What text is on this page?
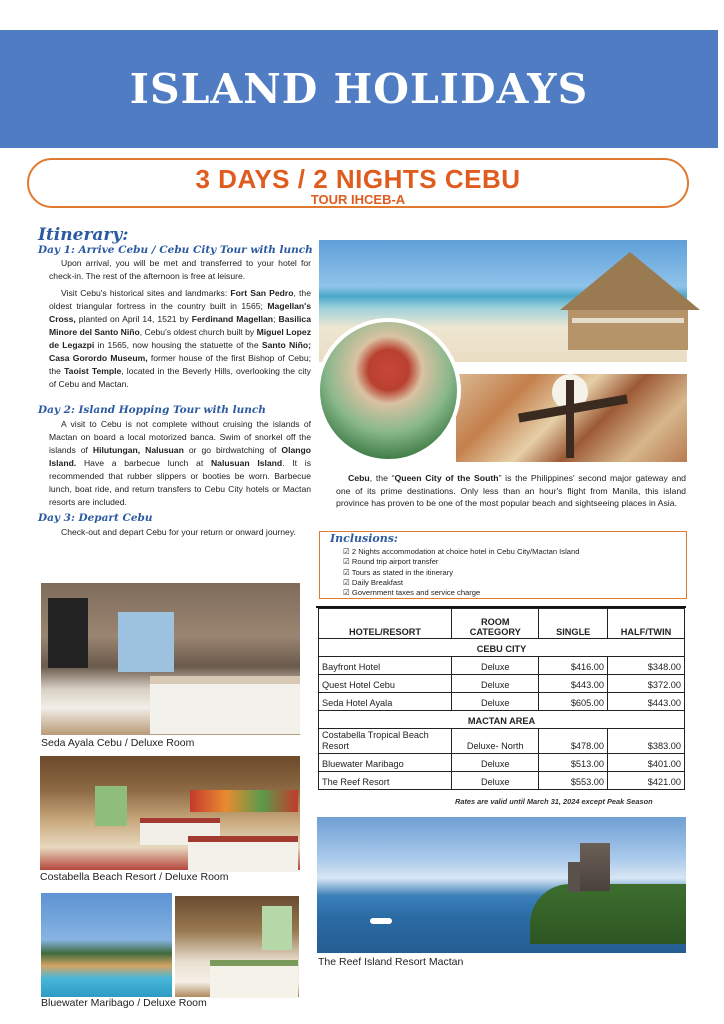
ISLAND HOLIDAYS
3 DAYS / 2 NIGHTS CEBU
TOUR IHCEB-A
Itinerary:
Day 1: Arrive Cebu / Cebu City Tour with lunch
Upon arrival, you will be met and transferred to your hotel for check-in. The rest of the afternoon is free at leisure.
Visit Cebu's historical sites and landmarks: Fort San Pedro, the oldest triangular fortress in the country built in 1565; Magellan's Cross, planted on April 14, 1521 by Ferdinand Magellan; Basilica Minore del Santo Niño, Cebu's oldest church built by Miguel Lopez de Legazpi in 1565, now housing the statuette of the Santo Niño; Casa Gorordo Museum, former house of the first Bishop of Cebu; the Taoist Temple, located in the Beverly Hills, overlooking the city of Cebu and Mactan.
Day 2: Island Hopping Tour with lunch
A visit to Cebu is not complete without cruising the islands of Mactan on board a local motorized banca. Swim of snorkel off the islands of Hilutungan, Nalusuan or go birdwatching of Olango Island. Have a barbecue lunch at Nalusuan Island. It is recommended that rubber slippers or booties be worn. Barbecue lunch, boat ride, and return transfers to Cebu City hotels or Mactan resorts are included.
Day 3: Depart Cebu
Check-out and depart Cebu for your return or onward journey.

Cebu, the “Queen City of the South” is the Philippines' second major gateway and one of its prime destinations. Only less than an hour's flight from Manila, this island province has proven to be one of the most popular beach and sightseeing places in Asia.

Inclusions:
☑ 2 Nights accommodation at choice hotel in Cebu City/Mactan Island
☑ Round trip airport transfer
☑ Tours as stated in the itinerary
☑ Daily Breakfast
☑ Government taxes and service charge
HOTEL/RESORT	ROOM CATEGORY	SINGLE	HALF/TWIN
CEBU CITY			
Bayfront Hotel	Deluxe	$416.00	$348.00
Quest Hotel Cebu	Deluxe	$443.00	$372.00
Seda Hotel Ayala	Deluxe	$605.00	$443.00
MACTAN AREA			
Costabella Tropical Beach Resort	Deluxe- North	$478.00	$383.00
Bluewater Maribago	Deluxe	$513.00	$401.00
The Reef Resort	Deluxe	$553.00	$421.00
Rates are valid until March 31, 2024 except Peak Season
Seda Ayala Cebu / Deluxe Room
Costabella Beach Resort / Deluxe Room
Bluewater Maribago / Deluxe Room
The Reef Island Resort Mactan
